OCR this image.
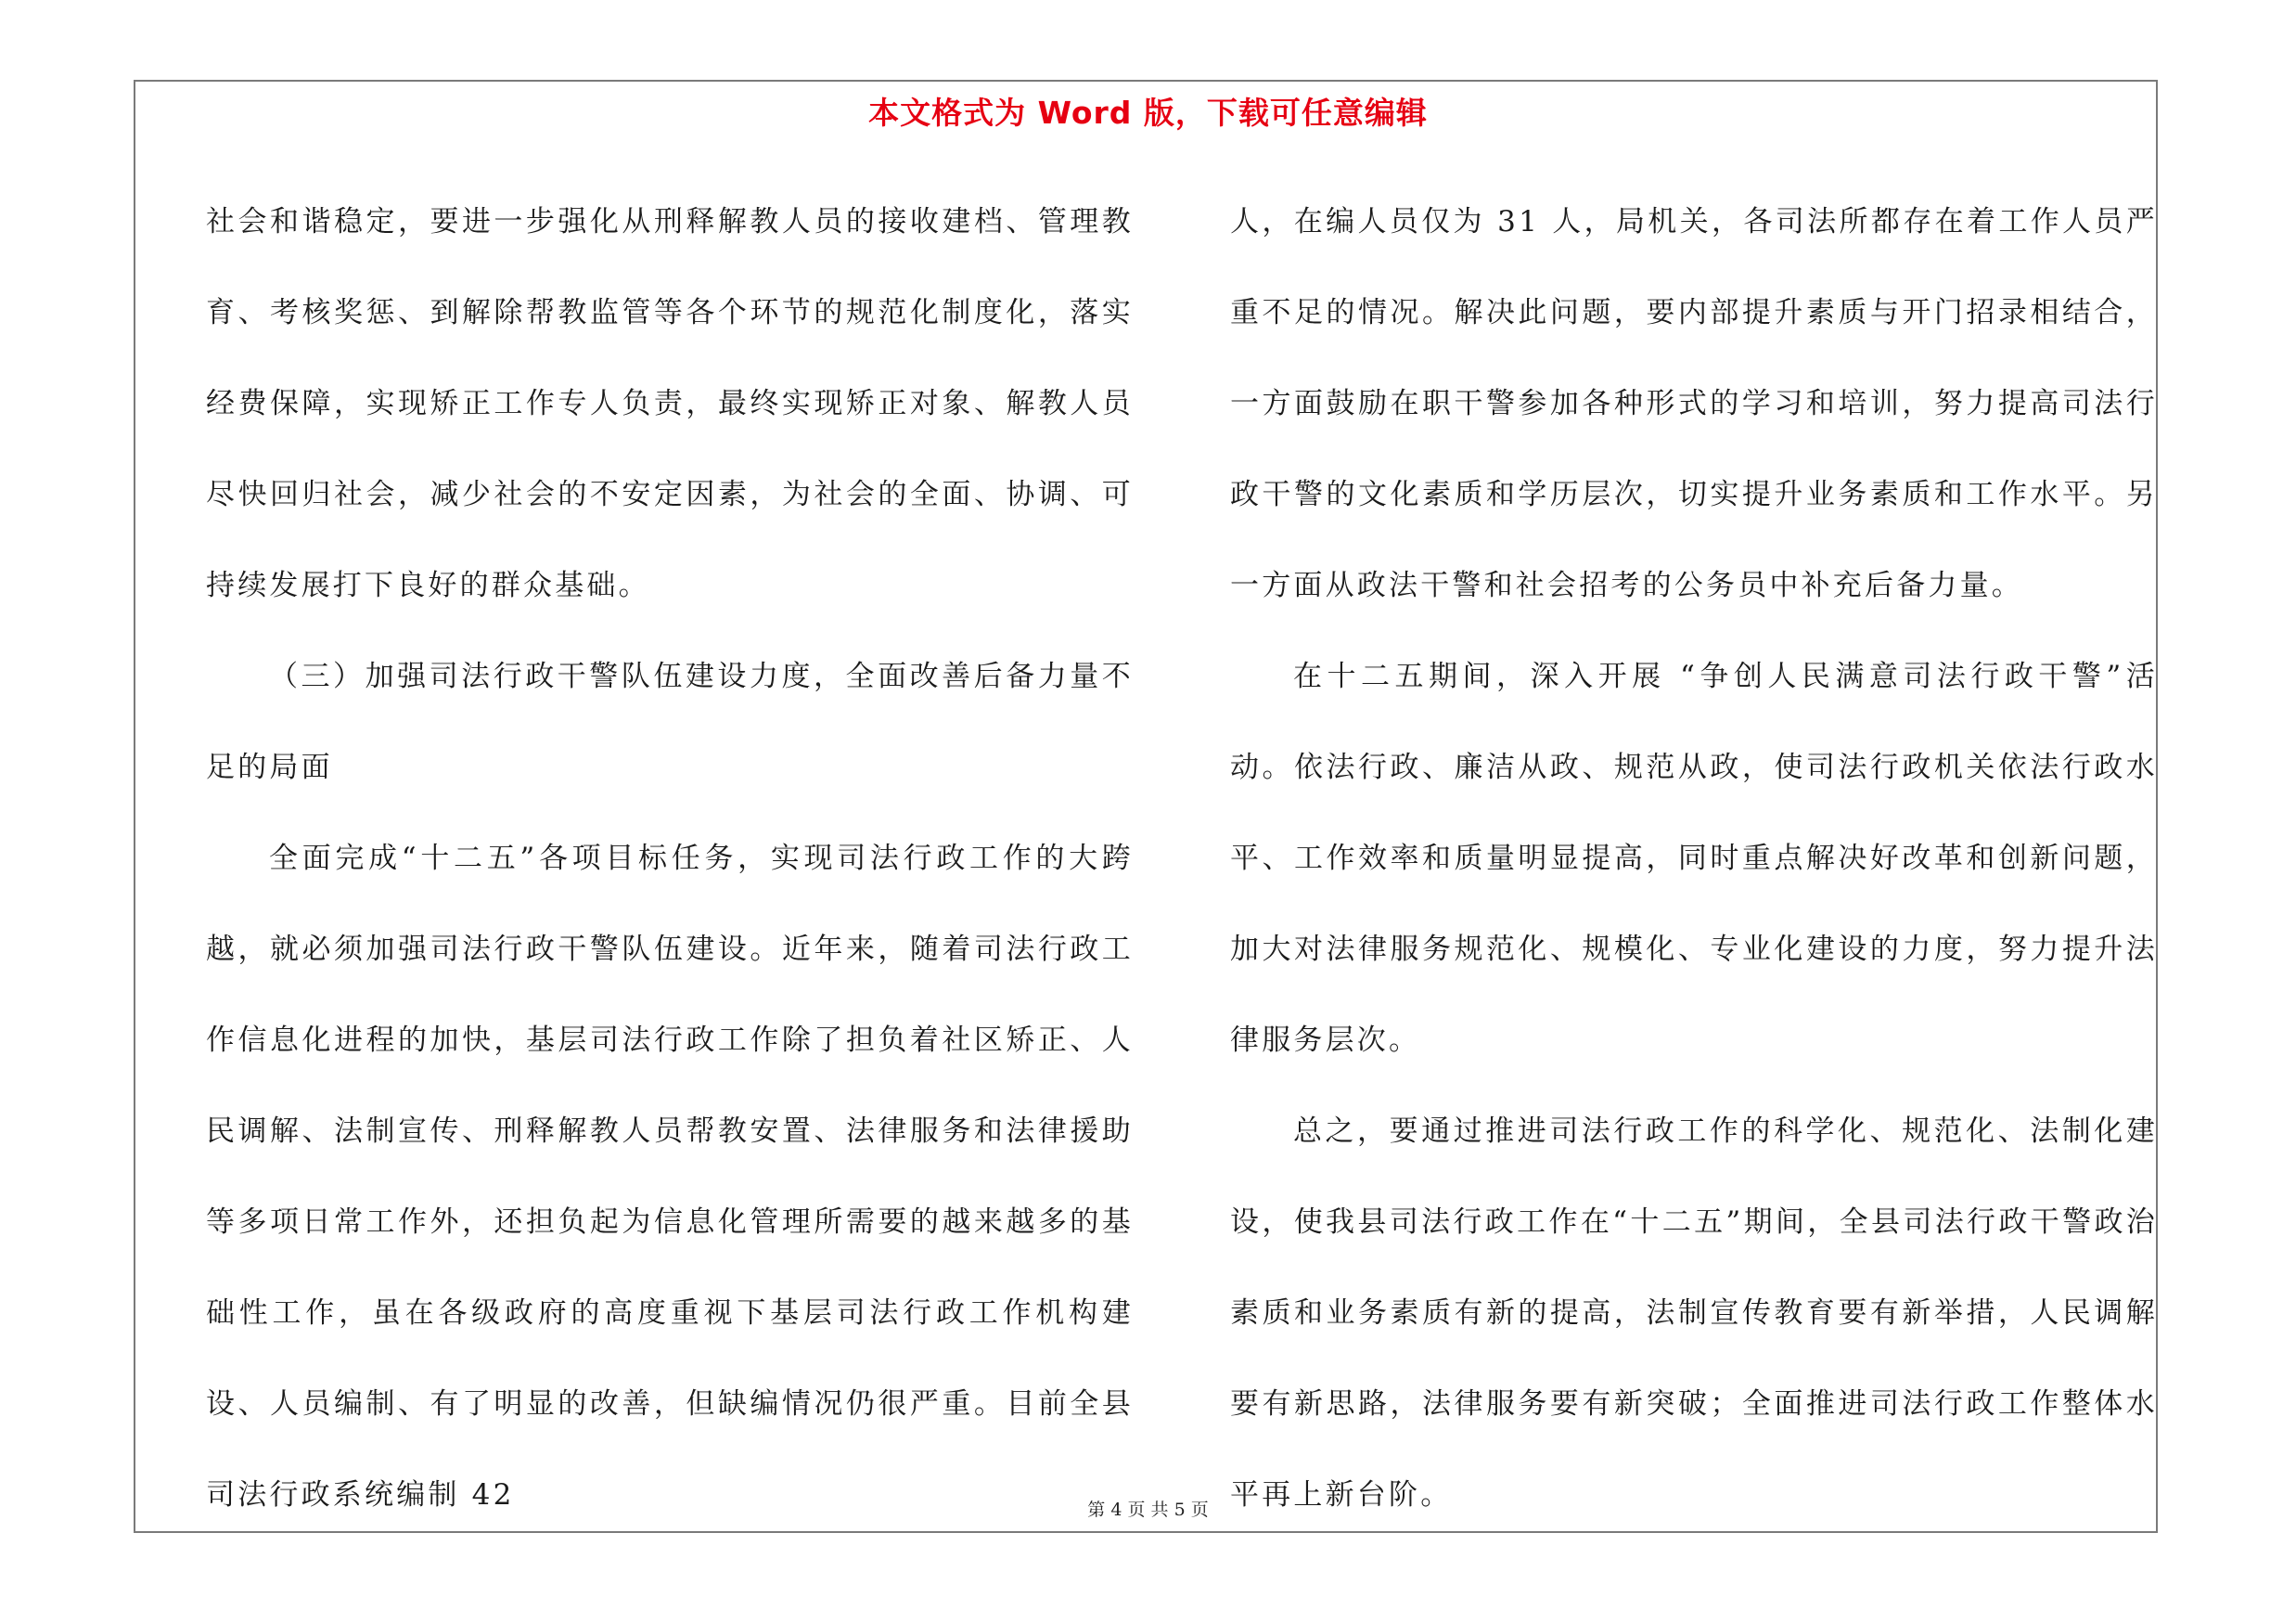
本文格式为 Word 版，下载可任意编辑

社会和谐稳定，要进一步强化从刑释解教人员的接收建档、管理教育、考核奖惩、到解除帮教监管等各个环节的规范化制度化，落实经费保障，实现矫正工作专人负责，最终实现矫正对象、解教人员尽快回归社会，减少社会的不安定因素，为社会的全面、协调、可持续发展打下良好的群众基础。

（三）加强司法行政干警队伍建设力度，全面改善后备力量不足的局面

全面完成“十二五”各项目标任务，实现司法行政工作的大跨越，就必须加强司法行政干警队伍建设。近年来，随着司法行政工作信息化进程的加快，基层司法行政工作除了担负着社区矫正、人民调解、法制宣传、刑释解教人员帮教安置、法律服务和法律援助等多项日常工作外，还担负起为信息化管理所需要的越来越多的基础性工作，虽在各级政府的高度重视下基层司法行政工作机构建设、人员编制、有了明显的改善，但缺编情况仍很严重。目前全县司法行政系统编制 42

人，在编人员仅为 31 人，局机关，各司法所都存在着工作人员严重不足的情况。解决此问题，要内部提升素质与开门招录相结合，一方面鼓励在职干警参加各种形式的学习和培训，努力提高司法行政干警的文化素质和学历层次，切实提升业务素质和工作水平。另一方面从政法干警和社会招考的公务员中补充后备力量。

在十二五期间，深入开展 “争创人民满意司法行政干警”活动。依法行政、廉洁从政、规范从政，使司法行政机关依法行政水平、工作效率和质量明显提高，同时重点解决好改革和创新问题，加大对法律服务规范化、规模化、专业化建设的力度，努力提升法律服务层次。

总之，要通过推进司法行政工作的科学化、规范化、法制化建设，使我县司法行政工作在“十二五”期间，全县司法行政干警政治素质和业务素质有新的提高，法制宣传教育要有新举措，人民调解要有新思路，法律服务要有新突破；全面推进司法行政工作整体水平再上新台阶。

第 4 页 共 5 页
